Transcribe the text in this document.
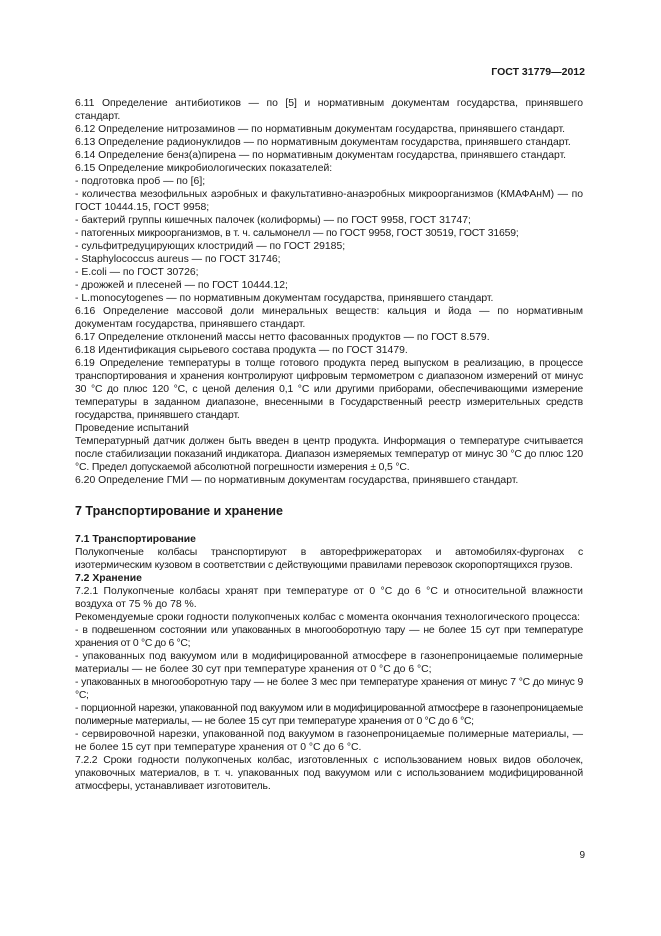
ГОСТ 31779—2012

6.11 Определение антибиотиков — по [5] и нормативным документам государства, принявшего стандарт.

6.12 Определение нитрозаминов — по нормативным документам государства, принявшего стандарт.

6.13 Определение радионуклидов — по нормативным документам государства, принявшего стандарт.

6.14 Определение бенз(а)пирена — по нормативным документам государства, принявшего стандарт.

6.15 Определение микробиологических показателей:

- подготовка проб — по [6];

- количества мезофильных аэробных и факультативно-анаэробных микроорганизмов (КМАФАнМ) — по ГОСТ 10444.15, ГОСТ 9958;

- бактерий группы кишечных палочек (колиформы) — по ГОСТ 9958, ГОСТ 31747;

- патогенных микроорганизмов, в т. ч. сальмонелл — по ГОСТ 9958, ГОСТ 30519, ГОСТ 31659;

- сульфитредуцирующих клостридий — по ГОСТ 29185;

- Staphylococcus aureus — по ГОСТ 31746;

- E.coli — по ГОСТ 30726;

- дрожжей и плесеней — по ГОСТ 10444.12;

- L.monocytogenes — по нормативным документам государства, принявшего стандарт.

6.16 Определение массовой доли минеральных веществ: кальция и йода — по нормативным документам государства, принявшего стандарт.

6.17 Определение отклонений массы нетто фасованных продуктов — по ГОСТ 8.579.

6.18 Идентификация сырьевого состава продукта — по ГОСТ 31479.

6.19 Определение температуры в толще готового продукта перед выпуском в реализацию, в процессе транспортирования и хранения контролируют цифровым термометром с диапазоном измерений от минус 30 °С до плюс 120 °С, с ценой деления 0,1 °С или другими приборами, обеспечивающими измерение температуры в заданном диапазоне, внесенными в Государственный реестр измерительных средств государства, принявшего стандарт.

Проведение испытаний

Температурный датчик должен быть введен в центр продукта. Информация о температуре считывается после стабилизации показаний индикатора. Диапазон измеряемых температур от минус 30 °С до плюс 120 °С. Предел допускаемой абсолютной погрешности измерения ± 0,5 °С.

6.20 Определение ГМИ — по нормативным документам государства, принявшего стандарт.

7 Транспортирование и хранение

7.1 Транспортирование

Полукопченые колбасы транспортируют в авторефрижераторах и автомобилях-фургонах с изотермическим кузовом в соответствии с действующими правилами перевозок скоропортящихся грузов.

7.2 Хранение

7.2.1 Полукопченые колбасы хранят при температуре от 0 °С до 6 °С и относительной влажности воздуха от 75 % до 78 %.

Рекомендуемые сроки годности полукопченых колбас с момента окончания технологического процесса:

- в подвешенном состоянии или упакованных в многооборотную тару — не более 15 сут при температуре хранения от 0 °С до 6 °С;

- упакованных под вакуумом или в модифицированной атмосфере в газонепроницаемые полимерные материалы — не более 30 сут при температуре хранения от 0 °С до 6 °С;

- упакованных в многооборотную тару — не более 3 мес при температуре хранения от минус 7 °С до минус 9 °С;

- порционной нарезки, упакованной под вакуумом или в модифицированной атмосфере в газонепроницаемые полимерные материалы, — не более 15 сут при температуре хранения от 0 °С до 6 °С;

- сервировочной нарезки, упакованной под вакуумом в газонепроницаемые полимерные материалы, — не более 15 сут при температуре хранения от 0 °С до 6 °С.

7.2.2 Сроки годности полукопченых колбас, изготовленных с использованием новых видов оболочек, упаковочных материалов, в т. ч. упакованных под вакуумом или с использованием модифицированной атмосферы, устанавливает изготовитель.

9
